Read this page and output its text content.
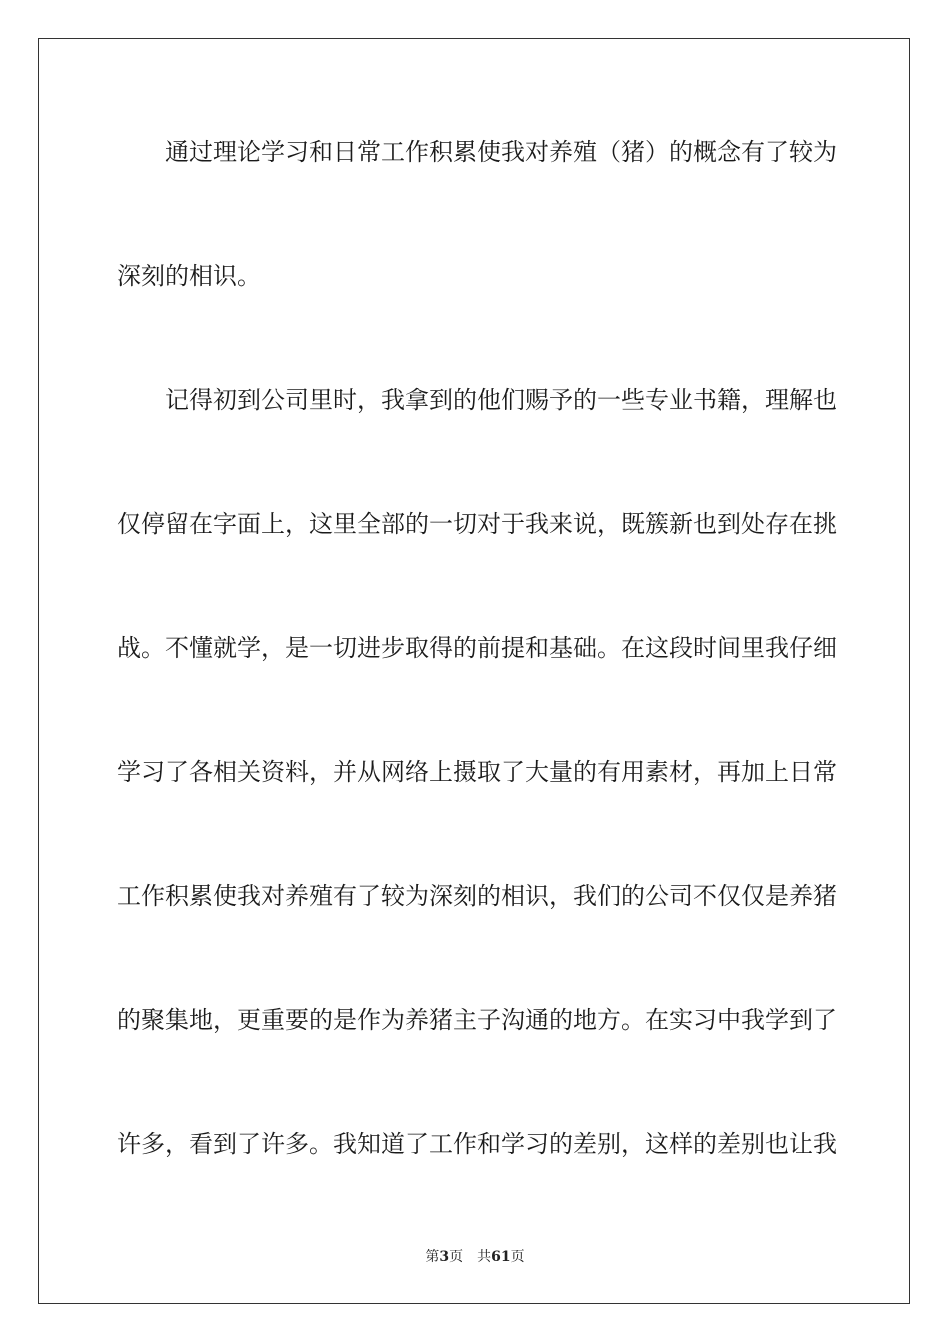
通过理论学习和日常工作积累使我对养殖（猪）的概念有了较为
深刻的相识。
记得初到公司里时，我拿到的他们赐予的一些专业书籍，理解也
仅停留在字面上，这里全部的一切对于我来说，既簇新也到处存在挑
战。不懂就学，是一切进步取得的前提和基础。在这段时间里我仔细
学习了各相关资料，并从网络上摄取了大量的有用素材，再加上日常
工作积累使我对养殖有了较为深刻的相识，我们的公司不仅仅是养猪
的聚集地，更重要的是作为养猪主子沟通的地方。在实习中我学到了
许多，看到了许多。我知道了工作和学习的差别，这样的差别也让我
第3页 共61页
